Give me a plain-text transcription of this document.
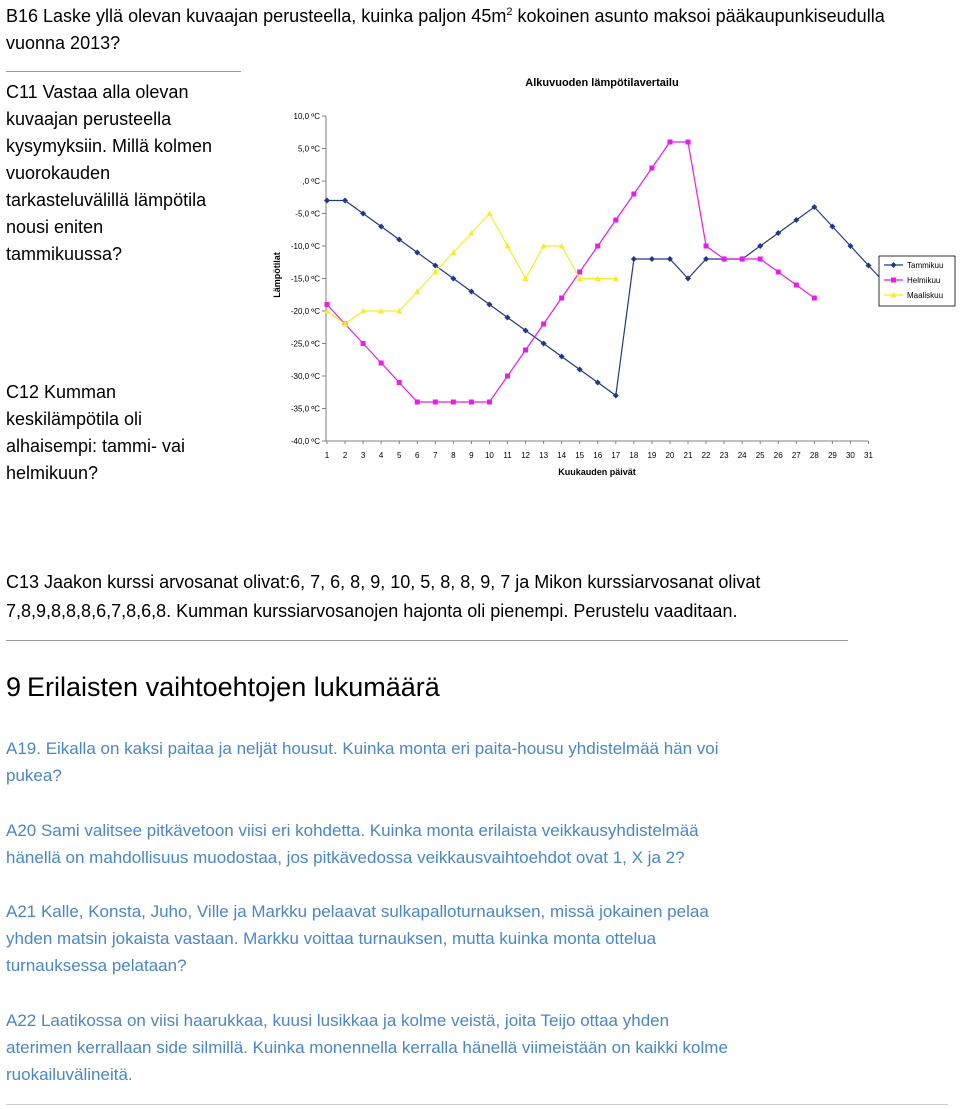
B16 Laske yllä olevan kuvaajan perusteella, kuinka paljon $45m^2$ kokoinen asunto maksoi pääkaupunkiseudulla vuonna 2013?
C11 Vastaa alla olevan
kuvaajan perusteella
kysymyksiin. Millä kolmen
vuorokauden
tarkasteluvälillä lämpötila
nousi eniten
tammikuussa?
C12 Kumman
keskilämpötila oli
alhaisempi: tammi- vai
helmikuun?
Alkuvuoden lämpötilavertailu
Lämpötilat
Kuukauden päivät
10,0 ºC
5,0 ºC
,0 ºC
-5,0 ºC
-10,0 ºC
-15,0 ºC
-20,0 ºC
-25,0 ºC
-30,0 ºC
-35,0 ºC
-40,0 ºC
1 2 3 4 5 6 7 8 9 10 11 12 13 14 15 16 17 18 19 20 21 22 23 24 25 26 27 28 29 30 31
Tammikuu
Helmikuu
Maaliskuu
C13 Jaakon kurssi arvosanat olivat:6, 7, 6, 8, 9, 10, 5, 8, 8, 9, 7 ja Mikon kurssiarvosanat olivat
7,8,9,8,8,8,6,7,8,6,8. Kumman kurssiarvosanojen hajonta oli pienempi. Perustelu vaaditaan.
9 Erilaisten vaihtoehtojen lukumäärä
A19. Eikalla on kaksi paitaa ja neljät housut. Kuinka monta eri paita-housu yhdistelmää hän voi
pukea?
A20 Sami valitsee pitkävetoon viisi eri kohdetta. Kuinka monta erilaista veikkausyhdistelmää
hänellä on mahdollisuus muodostaa, jos pitkävedossa veikkausvaihtoehdot ovat 1, X ja 2?
A21 Kalle, Konsta, Juho, Ville ja Markku pelaavat sulkapalloturnauksen, missä jokainen pelaa
yhden matsin jokaista vastaan. Markku voittaa turnauksen, mutta kuinka monta ottelua
turnauksessa pelataan?
A22 Laatikossa on viisi haarukkaa, kuusi lusikkaa ja kolme veistä, joita Teijo ottaa yhden
aterimen kerrallaan side silmillä. Kuinka monennella kerralla hänellä viimeistään on kaikki kolme
ruokailuvälineitä.
